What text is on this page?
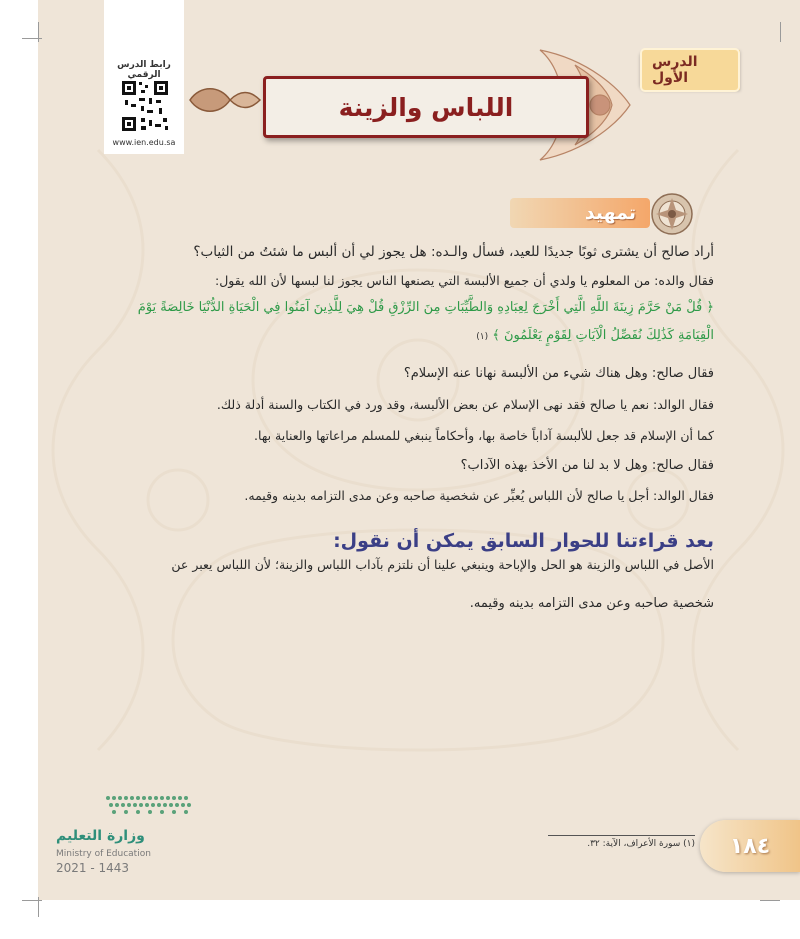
رابط الدرس الرقمي
www.ien.edu.sa
الدرس الأول
اللباس والزينة
تمهيد
أراد صالح أن يشترى ثوبًا جديدًا للعيد، فسأل والـده: هل يجوز لي أن ألبس ما شئتُ من الثياب؟
فقال والده: من المعلوم يا ولدي أن جميع الألبسة التي يصنعها الناس يجوز لنا لبسها لأن الله يقول:
﴿ قُلْ مَنْ حَرَّمَ زِينَةَ اللَّهِ الَّتِي أَخْرَجَ لِعِبَادِهِ وَالطَّيِّبَاتِ مِنَ الرِّزْقِ قُلْ هِيَ لِلَّذِينَ آمَنُوا فِي الْحَيَاةِ الدُّنْيَا خَالِصَةً يَوْمَ
الْقِيَامَةِ كَذَٰلِكَ نُفَصِّلُ الْآيَاتِ لِقَوْمٍ يَعْلَمُونَ ﴾ (١)
فقال صالح: وهل هناك شيء من الألبسة نهانا عنه الإسلام؟
فقال الوالد: نعم يا صالح فقد نهى الإسلام عن بعض الألبسة، وقد ورد في الكتاب والسنة أدلة ذلك.
كما أن الإسلام قد جعل للألبسة آداباً خاصة بها، وأحكاماً ينبغي للمسلم مراعاتها والعناية بها.
فقال صالح: وهل لا بد لنا من الأخذ بهذه الآداب؟
فقال الوالد: أجل يا صالح لأن اللباس يُعبِّر عن شخصية صاحبه وعن مدى التزامه بدينه وقيمه.
بعد قراءتنا للحوار السابق يمكن أن نقول:
الأصل في اللباس والزينة هو الحل والإباحة وينبغي علينا أن نلتزم بآداب اللباس والزينة؛ لأن اللباس يعبر عن
شخصية صاحبه وعن مدى التزامه بدينه وقيمه.
وزارة التعليم
Ministry of Education
2021 - 1443
(١) سورة الأعراف، الآية: ٣٢. ١٨٤
